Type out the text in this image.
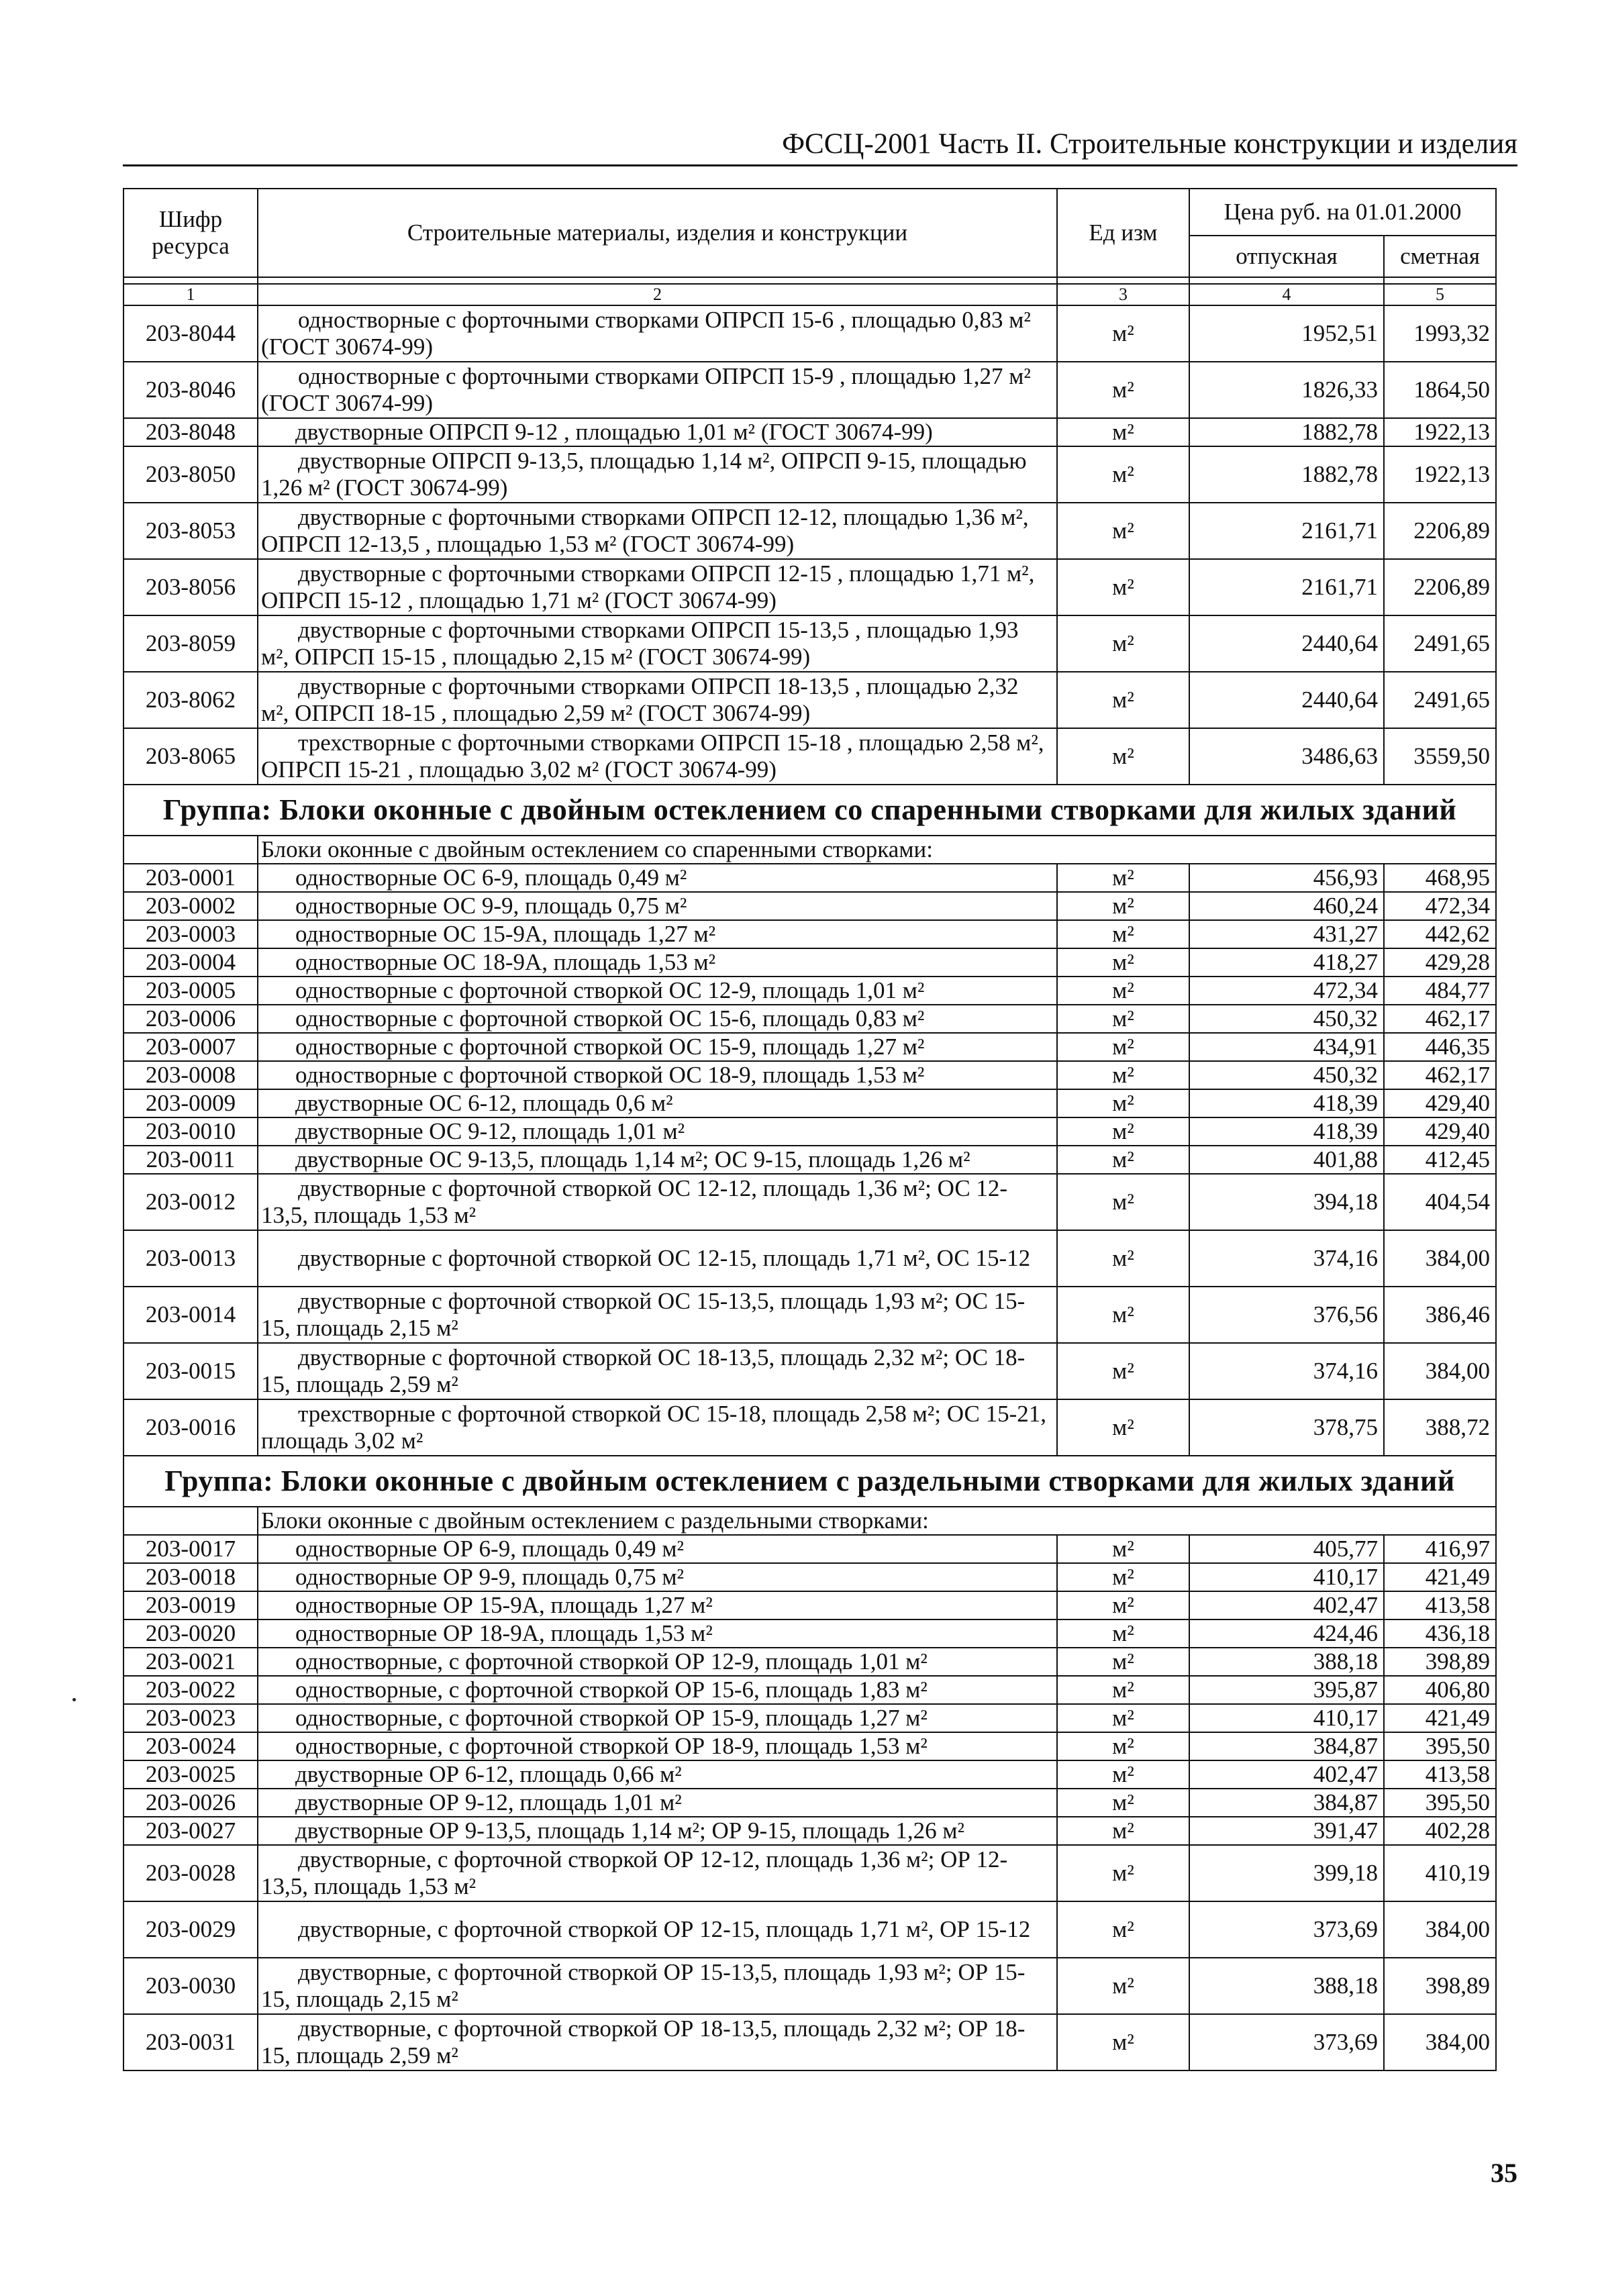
ФССЦ-2001 Часть II. Строительные конструкции и изделия
Шифр ресурса	Строительные материалы, изделия и конструкции	Ед изм	Цена руб. на 01.01.2000	
			отпускная	сметная

1	2	3	4	5
203-8044	одностворные с форточными створками ОПРСП 15-6 , площадью 0,83 м² (ГОСТ 30674-99)	м²	1952,51	1993,32
203-8046	одностворные с форточными створками ОПРСП 15-9 , площадью 1,27 м² (ГОСТ 30674-99)	м²	1826,33	1864,50
203-8048	двустворные ОПРСП 9-12 , площадью 1,01 м² (ГОСТ 30674-99)	м²	1882,78	1922,13
203-8050	двустворные ОПРСП 9-13,5, площадью 1,14 м², ОПРСП 9-15, площадью 1,26 м² (ГОСТ 30674-99)	м²	1882,78	1922,13
203-8053	двустворные с форточными створками ОПРСП 12-12, площадью 1,36 м², ОПРСП 12-13,5 , площадью 1,53 м² (ГОСТ 30674-99)	м²	2161,71	2206,89
203-8056	двустворные с форточными створками ОПРСП 12-15 , площадью 1,71 м², ОПРСП 15-12 , площадью 1,71 м² (ГОСТ 30674-99)	м²	2161,71	2206,89
203-8059	двустворные с форточными створками ОПРСП 15-13,5 , площадью 1,93 м², ОПРСП 15-15 , площадью 2,15 м² (ГОСТ 30674-99)	м²	2440,64	2491,65
203-8062	двустворные с форточными створками ОПРСП 18-13,5 , площадью 2,32 м², ОПРСП 18-15 , площадью 2,59 м² (ГОСТ 30674-99)	м²	2440,64	2491,65
203-8065	трехстворные с форточными створками ОПРСП 15-18 , площадью 2,58 м², ОПРСП 15-21 , площадью 3,02 м² (ГОСТ 30674-99)	м²	3486,63	3559,50
Группа: Блоки оконные с двойным остеклением со спаренными створками для жилых зданий				
	Блоки оконные с двойным остеклением со спаренными створками:			
203-0001	одностворные ОС 6-9, площадь 0,49 м²	м²	456,93	468,95
203-0002	одностворные ОС 9-9, площадь 0,75 м²	м²	460,24	472,34
203-0003	одностворные ОС 15-9А, площадь 1,27 м²	м²	431,27	442,62
203-0004	одностворные ОС 18-9А, площадь 1,53 м²	м²	418,27	429,28
203-0005	одностворные с форточной створкой ОС 12-9, площадь 1,01 м²	м²	472,34	484,77
203-0006	одностворные с форточной створкой ОС 15-6, площадь 0,83 м²	м²	450,32	462,17
203-0007	одностворные с форточной створкой ОС 15-9, площадь 1,27 м²	м²	434,91	446,35
203-0008	одностворные с форточной створкой ОС 18-9, площадь 1,53 м²	м²	450,32	462,17
203-0009	двустворные ОС 6-12, площадь 0,6 м²	м²	418,39	429,40
203-0010	двустворные ОС 9-12, площадь 1,01 м²	м²	418,39	429,40
203-0011	двустворные ОС 9-13,5, площадь 1,14 м²; ОС 9-15, площадь 1,26 м²	м²	401,88	412,45
203-0012	двустворные с форточной створкой ОС 12-12, площадь 1,36 м²; ОС 12-13,5, площадь 1,53 м²	м²	394,18	404,54
203-0013	двустворные с форточной створкой ОС 12-15, площадь 1,71 м², ОС 15-12	м²	374,16	384,00
203-0014	двустворные с форточной створкой ОС 15-13,5, площадь 1,93 м²; ОС 15-15, площадь 2,15 м²	м²	376,56	386,46
203-0015	двустворные с форточной створкой ОС 18-13,5, площадь 2,32 м²; ОС 18-15, площадь 2,59 м²	м²	374,16	384,00
203-0016	трехстворные с форточной створкой ОС 15-18, площадь 2,58 м²; ОС 15-21, площадь 3,02 м²	м²	378,75	388,72
Группа: Блоки оконные с двойным остеклением с раздельными створками для жилых зданий				
	Блоки оконные с двойным остеклением с раздельными створками:			
203-0017	одностворные ОР 6-9, площадь 0,49 м²	м²	405,77	416,97
203-0018	одностворные ОР 9-9, площадь 0,75 м²	м²	410,17	421,49
203-0019	одностворные ОР 15-9А, площадь 1,27 м²	м²	402,47	413,58
203-0020	одностворные ОР 18-9А, площадь 1,53 м²	м²	424,46	436,18
203-0021	одностворные, с форточной створкой ОР 12-9, площадь 1,01 м²	м²	388,18	398,89
203-0022	одностворные, с форточной створкой ОР 15-6, площадь 1,83 м²	м²	395,87	406,80
203-0023	одностворные, с форточной створкой ОР 15-9, площадь 1,27 м²	м²	410,17	421,49
203-0024	одностворные, с форточной створкой ОР 18-9, площадь 1,53 м²	м²	384,87	395,50
203-0025	двустворные ОР 6-12, площадь 0,66 м²	м²	402,47	413,58
203-0026	двустворные ОР 9-12, площадь 1,01 м²	м²	384,87	395,50
203-0027	двустворные ОР 9-13,5, площадь 1,14 м²; ОР 9-15, площадь 1,26 м²	м²	391,47	402,28
203-0028	двустворные, с форточной створкой ОР 12-12, площадь 1,36 м²; ОР 12-13,5, площадь 1,53 м²	м²	399,18	410,19
203-0029	двустворные, с форточной створкой ОР 12-15, площадь 1,71 м², ОР 15-12	м²	373,69	384,00
203-0030	двустворные, с форточной створкой ОР 15-13,5, площадь 1,93 м²; ОР 15-15, площадь 2,15 м²	м²	388,18	398,89
203-0031	двустворные, с форточной створкой ОР 18-13,5, площадь 2,32 м²; ОР 18-15, площадь 2,59 м²	м²	373,69	384,00
35
